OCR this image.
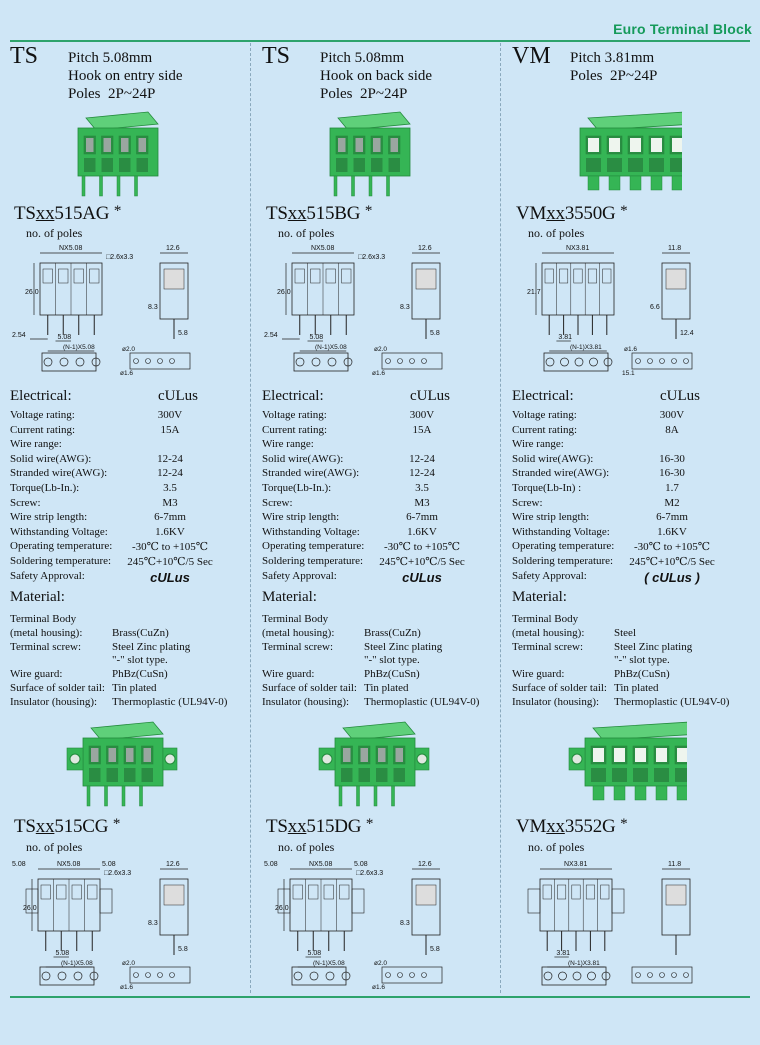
Euro Terminal Block
TS Pitch 5.08mm
Hook on entry side
Poles  2P~24P
TSxx515AG *
no. of poles
NX5.08
26.0
□2.6x3.3
5.08
2.54
(N-1)X5.08
12.6
8.3
5.8
ø2.0
ø1.6
Electrical:	cULus
Voltage rating:	300V
Current rating:	15A
Wire range:
Solid wire(AWG):	12-24
Stranded wire(AWG):	12-24
Torque(Lb-In.):	3.5
Screw:	M3
Wire strip length:	6-7mm
Withstanding Voltage:	1.6KV
Operating temperature:	-30℃ to +105℃
Soldering temperature:	245℃+10℃/5 Sec
Safety Approval:	cULus
Material:
Terminal Body
(metal housing):	Brass(CuZn)
Terminal screw:	Steel Zinc plating
"-" slot type.
Wire guard:	PhBz(CuSn)
Surface of solder tail: Tin plated
Insulator (housing): Thermoplastic (UL94V-0)
TSxx515CG *
no. of poles
NX5.08
26.0
□2.6x3.3
5.08
(N-1)X5.08
5.08	5.08	12.6
8.3
5.8
ø2.0
ø1.6
TS Pitch 5.08mm
Hook on back side
Poles  2P~24P
TSxx515BG *
no. of poles
NX5.08
26.0
□2.6x3.3
5.08
2.54
(N-1)X5.08
12.6
8.3
5.8
ø2.0
ø1.6
Electrical:	cULus
Voltage rating:	300V
Current rating:	15A
Wire range:
Solid wire(AWG):	12-24
Stranded wire(AWG):	12-24
Torque(Lb-In.):	3.5
Screw:	M3
Wire strip length:	6-7mm
Withstanding Voltage:	1.6KV
Operating temperature:	-30℃ to +105℃
Soldering temperature:	245℃+10℃/5 Sec
Safety Approval:	cULus
Material:
Terminal Body
(metal housing):	Brass(CuZn)
Terminal screw:	Steel Zinc plating
"-" slot type.
Wire guard:	PhBz(CuSn)
Surface of solder tail: Tin plated
Insulator (housing): Thermoplastic (UL94V-0)
TSxx515DG *
no. of poles
NX5.08
26.0
□2.6x3.3
5.08
(N-1)X5.08
5.08	5.08	12.6
8.3
5.8
ø2.0
ø1.6
VM Pitch 3.81mm
Poles  2P~24P
VMxx3550G *
no. of poles
NX3.81
21.7
3.81
(N-1)X3.81
11.8
6.6
12.4
ø1.6
15.1
Electrical:	cULus
Voltage rating:	300V
Current rating:	8A
Wire range:
Solid wire(AWG):	16-30
Stranded wire(AWG):	16-30
Torque(Lb-In) :	1.7
Screw:	M2
Wire strip length:	6-7mm
Withstanding Voltage:	1.6KV
Operating temperature:	-30℃ to +105℃
Soldering temperature:	245℃+10℃/5 Sec
Safety Approval:	( cULus )
Material:
Terminal Body
(metal housing):	Steel
Terminal screw:	Steel Zinc plating
"-" slot type.
Wire guard:	PhBz(CuSn)
Surface of solder tail: Tin plated
Insulator (housing): Thermoplastic (UL94V-0)
VMxx3552G *
no. of poles
NX3.81
3.81
(N-1)X3.81
11.8
